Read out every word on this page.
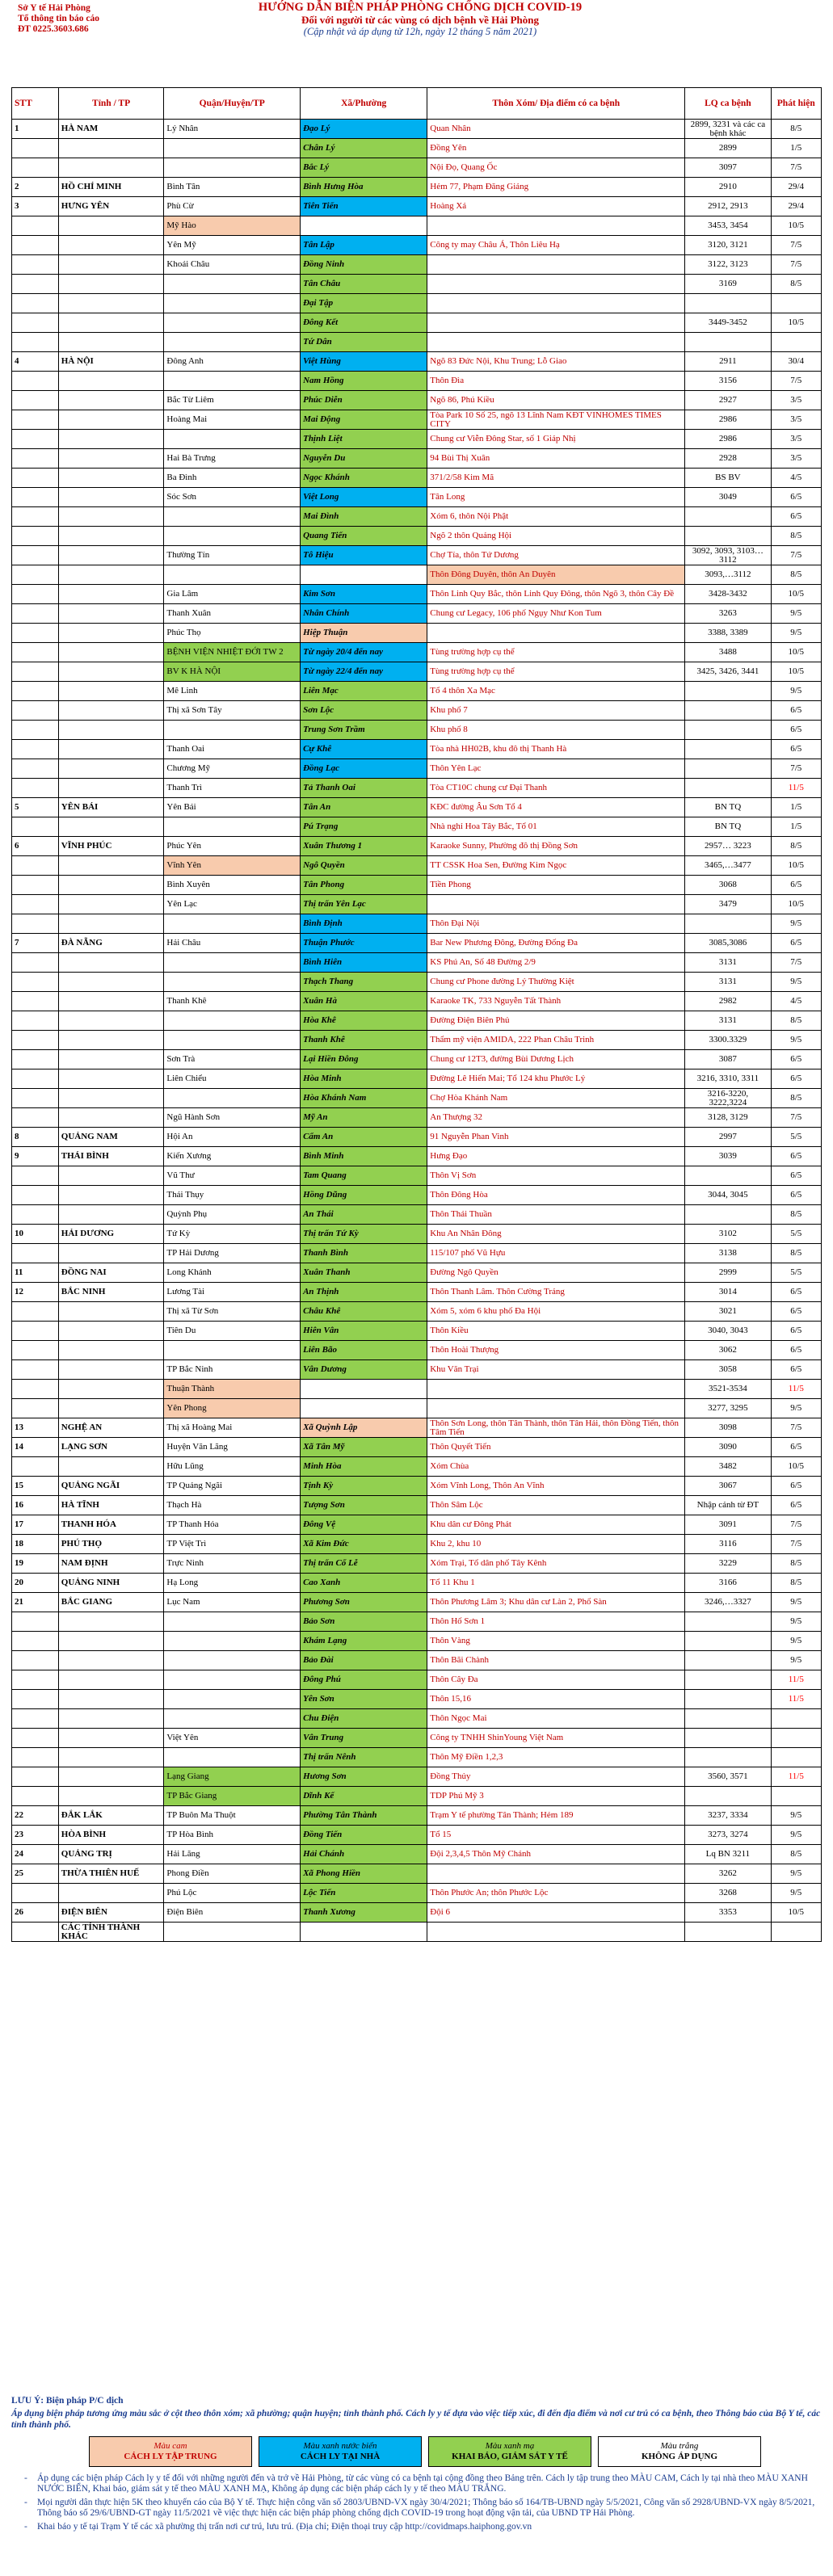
Sở Y tế Hải Phòng
Tổ thông tin báo cáo
ĐT 0225.3603.686
HƯỚNG DẪN BIỆN PHÁP PHÒNG CHỐNG DỊCH COVID-19
Đối với người từ các vùng có dịch bệnh về Hải Phòng
(Cập nhật và áp dụng từ 12h, ngày 12 tháng 5 năm 2021)
STT	Tỉnh / TP	Quận/Huyện/TP	Xã/Phường	Thôn Xóm/ Địa điểm có ca bệnh	LQ ca bệnh	Phát hiện
1	HÀ NAM	Lý Nhân	Đạo Lý	Quan Nhân	2899, 3231 và các ca bệnh khác	8/5
			Chân Lý	Đồng Yên	2899	1/5
			Bắc Lý	Nội Đọ, Quang Ốc	3097	7/5
2	HỒ CHÍ MINH	Bình Tân	Bình Hưng Hòa	Hẻm 77, Phạm Đăng Giảng	2910	29/4
3	HƯNG YÊN	Phù Cừ	Tiên Tiến	Hoàng Xá	2912, 2913	29/4
		Mỹ Hào			3453, 3454	10/5
		Yên Mỹ	Tân Lập	Công ty may Châu Á, Thôn Liêu Hạ	3120, 3121	7/5
		Khoái Châu	Đồng Ninh		3122, 3123	7/5
			Tân Châu		3169	8/5
			Đại Tập			
			Đông Kết		3449-3452	10/5
			Tứ Dân			
4	HÀ NỘI	Đông Anh	Việt Hùng	Ngõ 83 Đức Nội, Khu Trung; Lỗ Giao	2911	30/4
			Nam Hồng	Thôn Đìa	3156	7/5
		Bắc Từ Liêm	Phúc Diễn	Ngõ 86, Phú Kiều	2927	3/5
		Hoàng Mai	Mai Động	Tòa Park 10 Số 25, ngõ 13 Lĩnh Nam KĐT VINHOMES TIMES CITY	2986	3/5
			Thịnh Liệt	Chung cư Viễn Đông Star, số 1 Giáp Nhị	2986	3/5
		Hai Bà Trưng	Nguyễn Du	94 Bùi Thị Xuân	2928	3/5
		Ba Đình	Ngọc Khánh	371/2/58 Kim Mã	BS BV	4/5
		Sóc Sơn	Việt Long	Tân Long	3049	6/5
			Mai Đình	Xóm 6, thôn Nội Phật		6/5
			Quang Tiến	Ngõ 2 thôn Quảng Hội		8/5
		Thường Tín	Tô Hiệu	Chợ Tía, thôn Tứ Dương	3092, 3093, 3103…3112	7/5
				Thôn Đông Duyên, thôn An Duyên	3093,…3112	8/5
		Gia Lâm	Kim Sơn	Thôn Linh Quy Bắc, thôn Linh Quy Đông, thôn Ngõ 3, thôn Cây Đề	3428-3432	10/5
		Thanh Xuân	Nhân Chính	Chung cư Legacy, 106 phố Ngụy Như Kon Tum	3263	9/5
		Phúc Thọ	Hiệp Thuận		3388, 3389	9/5
		BỆNH VIỆN NHIỆT ĐỚI TW 2	Từ ngày 20/4 đến nay	Tùng trường hợp cụ thể	3488	10/5
		BV K HÀ NỘI	Từ ngày 22/4 đến nay	Tùng trường hợp cụ thể	3425, 3426, 3441	10/5
		Mê Linh	Liên Mạc	Tổ 4 thôn Xa Mạc		9/5
		Thị xã Sơn Tây	Sơn Lộc	Khu phố 7		6/5
			Trung Sơn Trầm	Khu phố 8		6/5
		Thanh Oai	Cự Khê	Tòa nhà HH02B, khu đô thị Thanh Hà		6/5
		Chương Mỹ	Đồng Lạc	Thôn Yên Lạc		7/5
		Thanh Trì	Tả Thanh Oai	Tòa CT10C chung cư Đại Thanh		11/5
5	YÊN BÁI	Yên Bái	Tân An	KĐC đường Âu Sơn Tổ 4	BN TQ	1/5
			Pú Trạng	Nhà nghỉ Hoa Tây Bắc, Tổ 01	BN TQ	1/5
6	VĨNH PHÚC	Phúc Yên	Xuân Thương 1	Karaoke Sunny, Phường đô thị Đồng Sơn	2957… 3223	8/5
		Vĩnh Yên	Ngô Quyền	TT CSSK Hoa Sen, Đường Kim Ngọc	3465,…3477	10/5
		Bình Xuyên	Tân Phong	Tiền Phong	3068	6/5
		Yên Lạc	Thị trấn Yên Lạc		3479	10/5
			Bình Định	Thôn Đại Nội		9/5
7	ĐÀ NẴNG	Hải Châu	Thuận Phước	Bar New Phương Đông, Đường Đống Đa	3085,3086	6/5
			Bình Hiên	KS Phú An, Số 48 Đường 2/9	3131	7/5
			Thạch Thang	Chung cư Phone đường Lý Thường Kiệt	3131	9/5
		Thanh Khê	Xuân Hà	Karaoke TK, 733 Nguyễn Tất Thành	2982	4/5
			Hòa Khê	Đường Điện Biên Phủ	3131	8/5
			Thanh Khê	Thẩm mỹ viện AMIDA, 222 Phan Châu Trinh	3300.3329	9/5
		Sơn Trà	Lại Hiền Đông	Chung cư 12T3, đường Bùi Dương Lịch	3087	6/5
		Liên Chiểu	Hòa Minh	Đường Lê Hiến Mai; Tổ 124 khu Phước Lý	3216, 3310, 3311	6/5
			Hòa Khánh Nam	Chợ Hòa Khánh Nam	3216-3220, 3222,3224	8/5
		Ngũ Hành Sơn	Mỹ An	An Thượng 32	3128, 3129	7/5
8	QUẢNG NAM	Hội An	Cẩm An	91 Nguyễn Phan Vinh	2997	5/5
9	THÁI BÌNH	Kiến Xương	Bình Minh	Hưng Đạo	3039	6/5
		Vũ Thư	Tam Quang	Thôn Vị Sơn		6/5
		Thái Thụy	Hồng Dũng	Thôn Đông Hòa	3044, 3045	6/5
		Quỳnh Phụ	An Thái	Thôn Thái Thuần		8/5
10	HẢI DƯƠNG	Tứ Kỳ	Thị trấn Tứ Kỳ	Khu An Nhân Đông	3102	5/5
		TP Hải Dương	Thanh Bình	115/107 phố Vũ Hựu	3138	8/5
11	ĐỒNG NAI	Long Khánh	Xuân Thanh	Đường Ngô Quyền	2999	5/5
12	BẮC NINH	Lương Tài	An Thịnh	Thôn Thanh Lâm. Thôn Cường Tráng	3014	6/5
		Thị xã Từ Sơn	Châu Khê	Xóm 5, xóm 6 khu phố Đa Hội	3021	6/5
		Tiên Du	Hiên Vân	Thôn Kiều	3040, 3043	6/5
			Liên Bão	Thôn Hoài Thượng	3062	6/5
		TP Bắc Ninh	Vân Dương	Khu Văn Trại	3058	6/5
		Thuận Thành			3521-3534	11/5
		Yên Phong			3277, 3295	9/5
13	NGHỆ AN	Thị xã Hoàng Mai	Xã Quỳnh Lập	Thôn Sơn Long, thôn Tân Thành, thôn Tân Hải, thôn Đồng Tiến, thôn Tâm Tiến	3098	7/5
14	LẠNG SƠN	Huyện Văn Lãng	Xã Tân Mỹ	Thôn Quyết Tiến	3090	6/5
		Hữu Lũng	Minh Hòa	Xóm Chùa	3482	10/5
15	QUẢNG NGÃI	TP Quảng Ngãi	Tịnh Kỳ	Xóm Vĩnh Long, Thôn An Vĩnh	3067	6/5
16	HÀ TĨNH	Thạch Hà	Tượng Sơn	Thôn Sâm Lộc	Nhập cảnh từ ĐT	6/5
17	THANH HÓA	TP Thanh Hóa	Đông Vệ	Khu dân cư Đông Phát	3091	7/5
18	PHÚ THỌ	TP Việt Trì	Xã Kim Đức	Khu 2, khu 10	3116	7/5
19	NAM ĐỊNH	Trực Ninh	Thị trấn Cổ Lễ	Xóm Trại, Tổ dân phố Tây Kênh	3229	8/5
20	QUẢNG NINH	Hạ Long	Cao Xanh	Tổ 11 Khu 1	3166	8/5
21	BẮC GIANG	Lục Nam	Phương Sơn	Thôn Phương Lâm 3; Khu dân cư Làn 2, Phố Sàn	3246,…3327	9/5
			Bảo Sơn	Thôn Hố Sơn 1		9/5
			Khám Lạng	Thôn Vàng		9/5
			Bảo Đài	Thôn Bãi Chành		9/5
			Đông Phú	Thôn Cây Đa		11/5
			Yên Sơn	Thôn 15,16		11/5
			Chu Điện	Thôn Ngọc Mai		
		Việt Yên	Vân Trung	Công ty TNHH ShinYoung Việt Nam		
			Thị trấn Nênh	Thôn Mỹ Điền 1,2,3		
		Lạng Giang	Hương Sơn	Đồng Thủy	3560, 3571	11/5
		TP Bắc Giang	Dĩnh Kế	TDP Phú Mỹ 3		
22	ĐẮK LẮK	TP Buôn Ma Thuột	Phường Tân Thành	Trạm Y tế phường Tân Thành; Hẻm 189	3237, 3334	9/5
23	HÒA BÌNH	TP Hòa Bình	Đồng Tiến	Tổ 15	3273, 3274	9/5
24	QUẢNG TRỊ	Hải Lăng	Hải Chánh	Đội 2,3,4,5 Thôn Mỹ Chánh	Lq BN 3211	8/5
25	THỪA THIÊN HUẾ	Phong Điền	Xã Phong Hiền		3262	9/5
		Phú Lộc	Lộc Tiến	Thôn Phước An; thôn Phước Lộc	3268	9/5
26	ĐIỆN BIÊN	Điện Biên	Thanh Xương	Đội 6	3353	10/5
	CÁC TỈNH THÀNH KHÁC					
LƯU Ý: Biện pháp P/C dịch
Áp dụng biện pháp tương ứng màu sắc ở cột theo thôn xóm; xã phường; quận huyện; tỉnh thành phố. Cách ly y tế dựa vào việc tiếp xúc, đi đến địa điểm và nơi cư trú có ca bệnh, theo Thông báo của Bộ Y tế, các tỉnh thành phố.
Màu cam
CÁCH LY TẬP TRUNG
Màu xanh nước biển
CÁCH LY TẠI NHÀ
Màu xanh mạ
KHAI BÁO, GIÁM SÁT Y TẾ
Màu trắng
KHÔNG ÁP DỤNG
- Áp dụng các biện pháp Cách ly y tế đối với những người đến và trở về Hải Phòng, từ các vùng có ca bệnh tại cộng đồng theo Bảng trên. Cách ly tập trung theo MÀU CAM, Cách ly tại nhà theo MÀU XANH NƯỚC BIỂN, Khai báo, giám sát y tế theo MÀU XANH MẠ, Không áp dụng các biện pháp cách ly y tế theo MÀU TRẮNG.
- Mọi người dân thực hiện 5K theo khuyến cáo của Bộ Y tế. Thực hiện công văn số 2803/UBND-VX ngày 30/4/2021; Thông báo số 164/TB-UBND ngày 5/5/2021, Công văn số 2928/UBND-VX ngày 8/5/2021, Thông báo số 29/6/UBND-GT ngày 11/5/2021 về việc thực hiện các biện pháp phòng chống dịch COVID-19 trong hoạt động vận tải, của UBND TP Hải Phòng.
- Khai báo y tế tại Trạm Y tế các xã phường thị trấn nơi cư trú, lưu trú. (Địa chỉ; Điện thoại truy cập http://covidmaps.haiphong.gov.vn
